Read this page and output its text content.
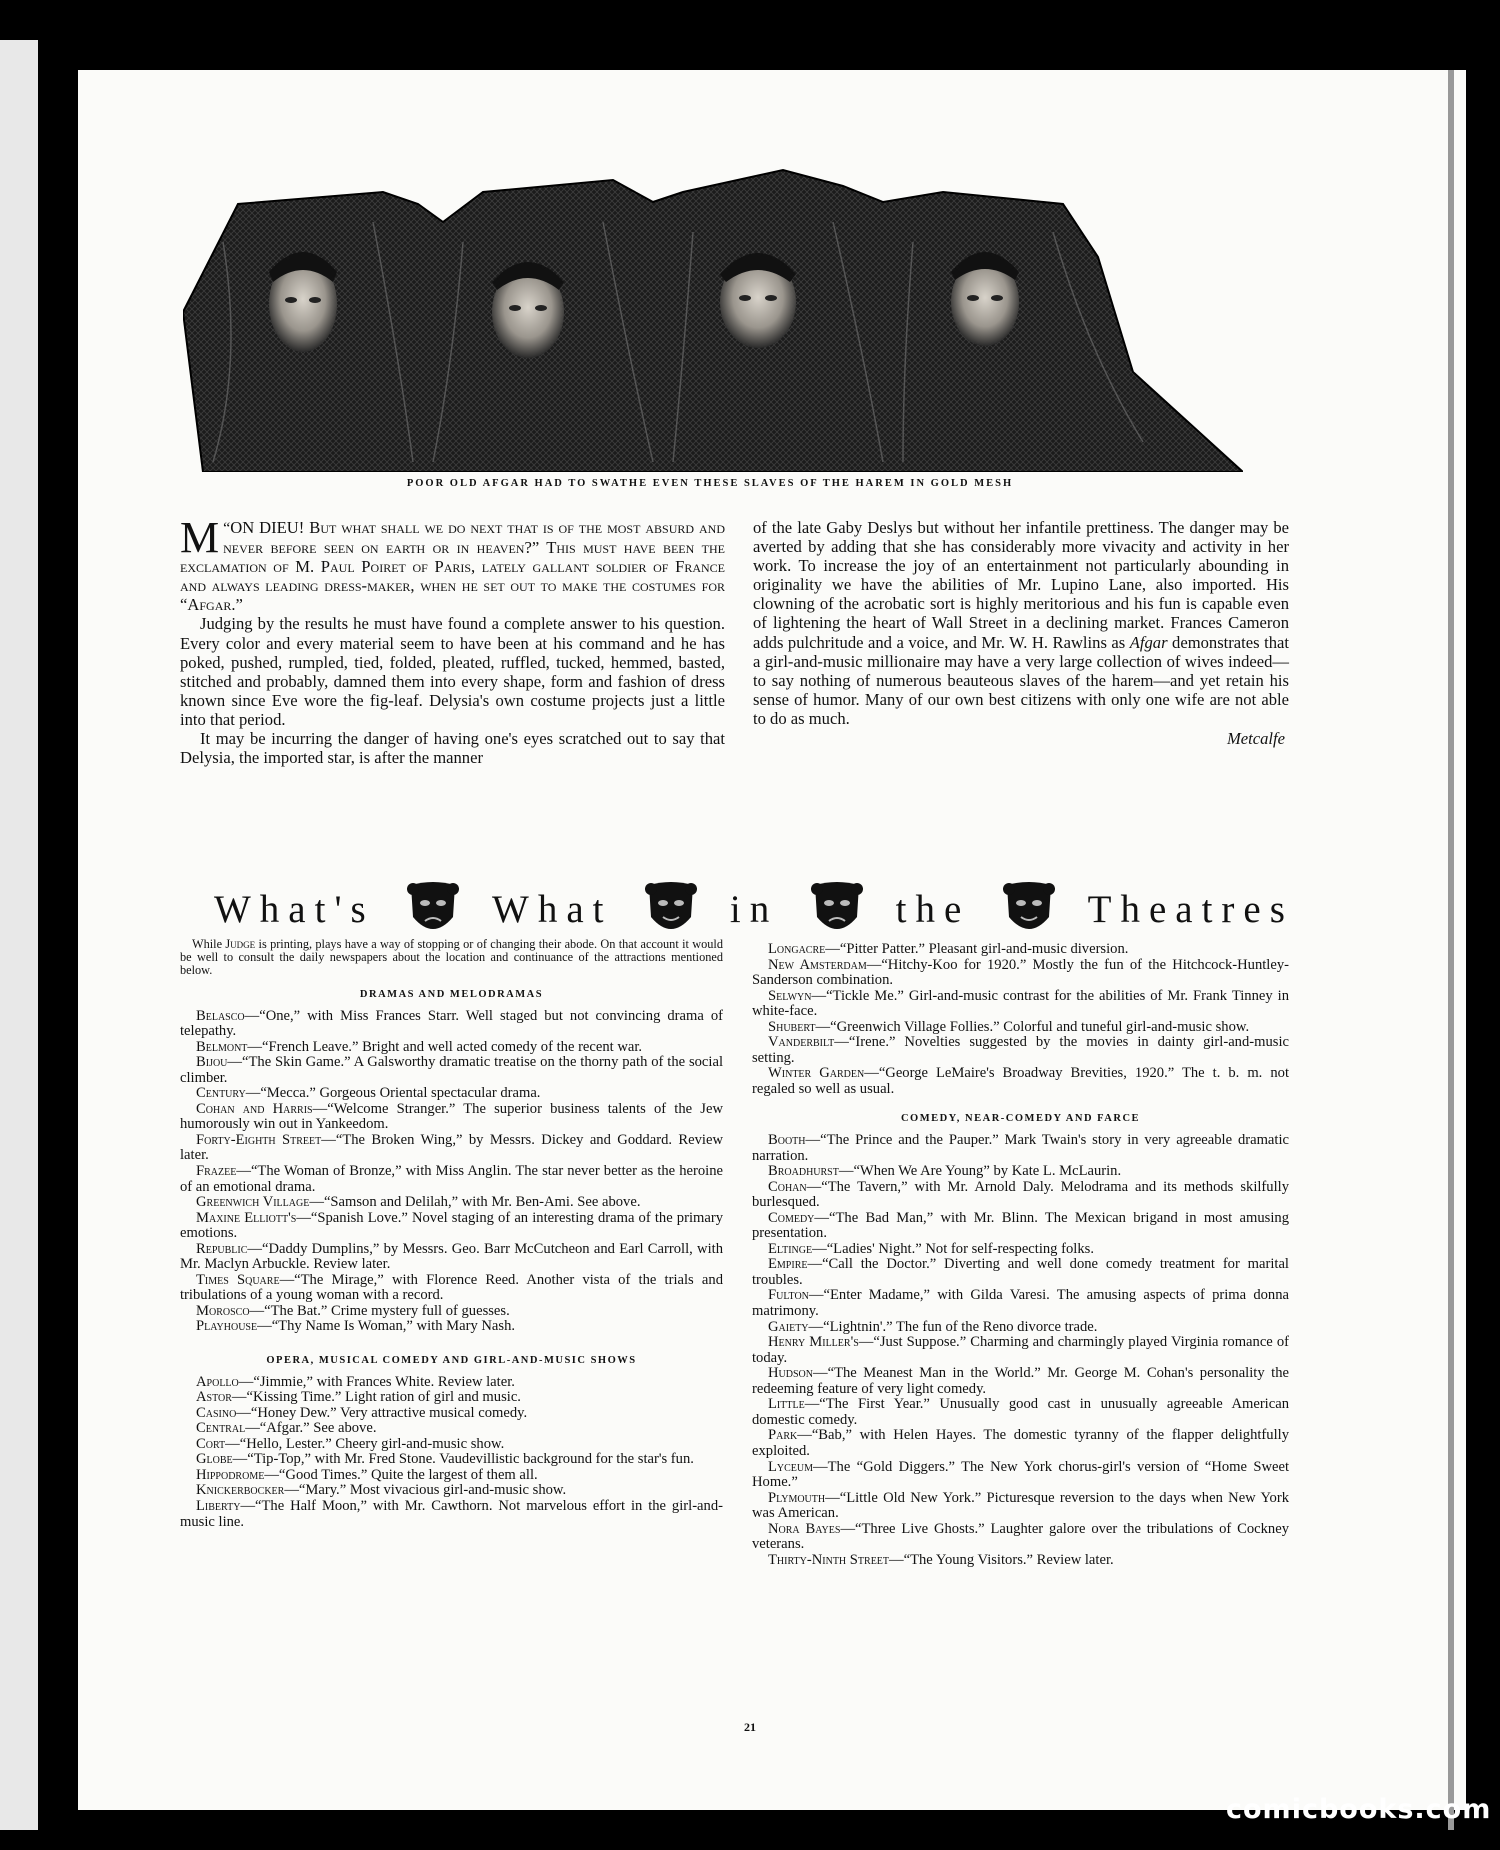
POOR OLD AFGAR HAD TO SWATHE EVEN THESE SLAVES OF THE HAREM IN GOLD MESH

“
M ON DIEU! But what shall we do next that is of the most absurd and never before seen on earth or in heaven?” This must have been the exclamation of M. Paul Poiret of Paris, lately gallant soldier of France and always leading dress-maker, when he set out to make the costumes for “Afgar.”

Judging by the results he must have found a complete answer to his question. Every color and every material seem to have been at his command and he has poked, pushed, rumpled, tied, folded, pleated, ruffled, tucked, hemmed, basted, stitched and probably, damned them into every shape, form and fashion of dress known since Eve wore the fig-leaf. Delysia's own costume projects just a little into that period.

It may be incurring the danger of having one's eyes scratched out to say that Delysia, the imported star, is after the manner

of the late Gaby Deslys but without her infantile prettiness. The danger may be averted by adding that she has considerably more vivacity and activity in her work. To increase the joy of an entertainment not particularly abounding in originality we have the abilities of Mr. Lupino Lane, also imported. His clowning of the acrobatic sort is highly meritorious and his fun is capable even of lightening the heart of Wall Street in a declining market. Frances Cameron adds pulchritude and a voice, and Mr. W. H. Rawlins as Afgar demonstrates that a girl-and-music millionaire may have a very large collection of wives indeed—to say nothing of numerous beauteous slaves of the harem—and yet retain his sense of humor. Many of our own best citizens with only one wife are not able to do as much.

Metcalfe

What's	What	in	the	Theatres

While Judge is printing, plays have a way of stopping or of changing their abode. On that account it would be well to consult the daily newspapers about the location and continuance of the attractions mentioned below.

DRAMAS AND MELODRAMAS

Belasco—“One,” with Miss Frances Starr. Well staged but not convincing drama of telepathy.

Belmont—“French Leave.” Bright and well acted comedy of the recent war.

Bijou—“The Skin Game.” A Galsworthy dramatic treatise on the thorny path of the social climber.

Century—“Mecca.” Gorgeous Oriental spectacular drama.

Cohan and Harris—“Welcome Stranger.” The superior business talents of the Jew humorously win out in Yankeedom.

Forty-Eighth Street—“The Broken Wing,” by Messrs. Dickey and Goddard. Review later.

Frazee—“The Woman of Bronze,” with Miss Anglin. The star never better as the heroine of an emotional drama.

Greenwich Village—“Samson and Delilah,” with Mr. Ben-Ami. See above.

Maxine Elliott's—“Spanish Love.” Novel staging of an interesting drama of the primary emotions.

Republic—“Daddy Dumplins,” by Messrs. Geo. Barr McCutcheon and Earl Carroll, with Mr. Maclyn Arbuckle. Review later.

Times Square—“The Mirage,” with Florence Reed. Another vista of the trials and tribulations of a young woman with a record.

Morosco—“The Bat.” Crime mystery full of guesses.

Playhouse—“Thy Name Is Woman,” with Mary Nash.

OPERA, MUSICAL COMEDY AND GIRL-AND-MUSIC SHOWS

Apollo—“Jimmie,” with Frances White. Review later.

Astor—“Kissing Time.” Light ration of girl and music.

Casino—“Honey Dew.” Very attractive musical comedy.

Central—“Afgar.” See above.

Cort—“Hello, Lester.” Cheery girl-and-music show.

Globe—“Tip-Top,” with Mr. Fred Stone. Vaudevillistic background for the star's fun.

Hippodrome—“Good Times.” Quite the largest of them all.

Knickerbocker—“Mary.” Most vivacious girl-and-music show.

Liberty—“The Half Moon,” with Mr. Cawthorn. Not marvelous effort in the girl-and-music line.

Longacre—“Pitter Patter.” Pleasant girl-and-music diversion.

New Amsterdam—“Hitchy-Koo for 1920.” Mostly the fun of the Hitchcock-Huntley-Sanderson combination.

Selwyn—“Tickle Me.” Girl-and-music contrast for the abilities of Mr. Frank Tinney in white-face.

Shubert—“Greenwich Village Follies.” Colorful and tuneful girl-and-music show.

Vanderbilt—“Irene.” Novelties suggested by the movies in dainty girl-and-music setting.

Winter Garden—“George LeMaire's Broadway Brevities, 1920.” The t. b. m. not regaled so well as usual.

COMEDY, NEAR-COMEDY AND FARCE

Booth—“The Prince and the Pauper.” Mark Twain's story in very agreeable dramatic narration.

Broadhurst—“When We Are Young” by Kate L. McLaurin.

Cohan—“The Tavern,” with Mr. Arnold Daly. Melodrama and its methods skilfully burlesqued.

Comedy—“The Bad Man,” with Mr. Blinn. The Mexican brigand in most amusing presentation.

Eltinge—“Ladies' Night.” Not for self-respecting folks.

Empire—“Call the Doctor.” Diverting and well done comedy treatment for marital troubles.

Fulton—“Enter Madame,” with Gilda Varesi. The amusing aspects of prima donna matrimony.

Gaiety—“Lightnin'.” The fun of the Reno divorce trade.

Henry Miller's—“Just Suppose.” Charming and charmingly played Virginia romance of today.

Hudson—“The Meanest Man in the World.” Mr. George M. Cohan's personality the redeeming feature of very light comedy.

Little—“The First Year.” Unusually good cast in unusually agreeable American domestic comedy.

Park—“Bab,” with Helen Hayes. The domestic tyranny of the flapper delightfully exploited.

Lyceum—The “Gold Diggers.” The New York chorus-girl's version of “Home Sweet Home.”

Plymouth—“Little Old New York.” Picturesque reversion to the days when New York was American.

Nora Bayes—“Three Live Ghosts.” Laughter galore over the tribulations of Cockney veterans.

Thirty-Ninth Street—“The Young Visitors.” Review later.

21
comicbooks.com
